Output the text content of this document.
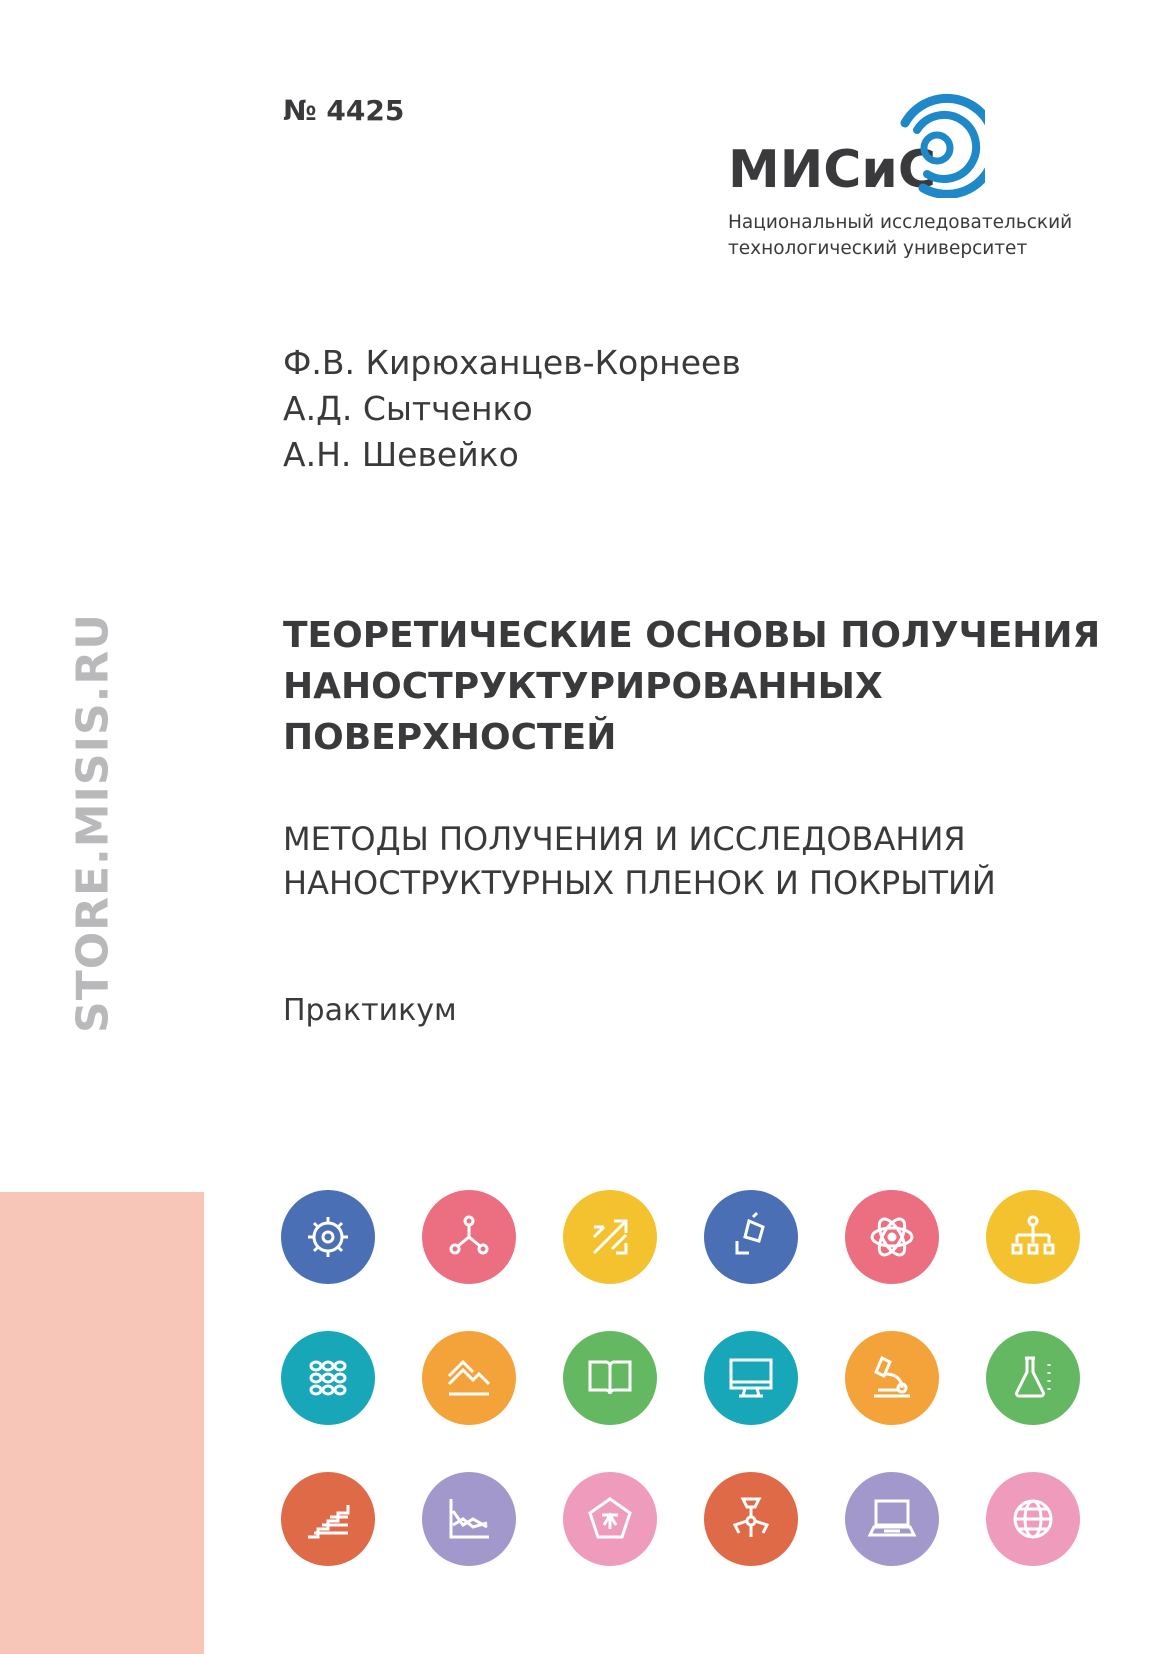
STORE.MISIS.RU
№ 4425
МИСиС
Национальный исследовательский
технологический университет
Ф.В. Кирюханцев-Корнеев
А.Д. Сытченко
А.Н. Шевейко
ТЕОРЕТИЧЕСКИЕ ОСНОВЫ ПОЛУЧЕНИЯ
НАНОСТРУКТУРИРОВАННЫХ
ПОВЕРХНОСТЕЙ
МЕТОДЫ ПОЛУЧЕНИЯ И ИССЛЕДОВАНИЯ
НАНОСТРУКТУРНЫХ ПЛЕНОК И ПОКРЫТИЙ
Практикум
